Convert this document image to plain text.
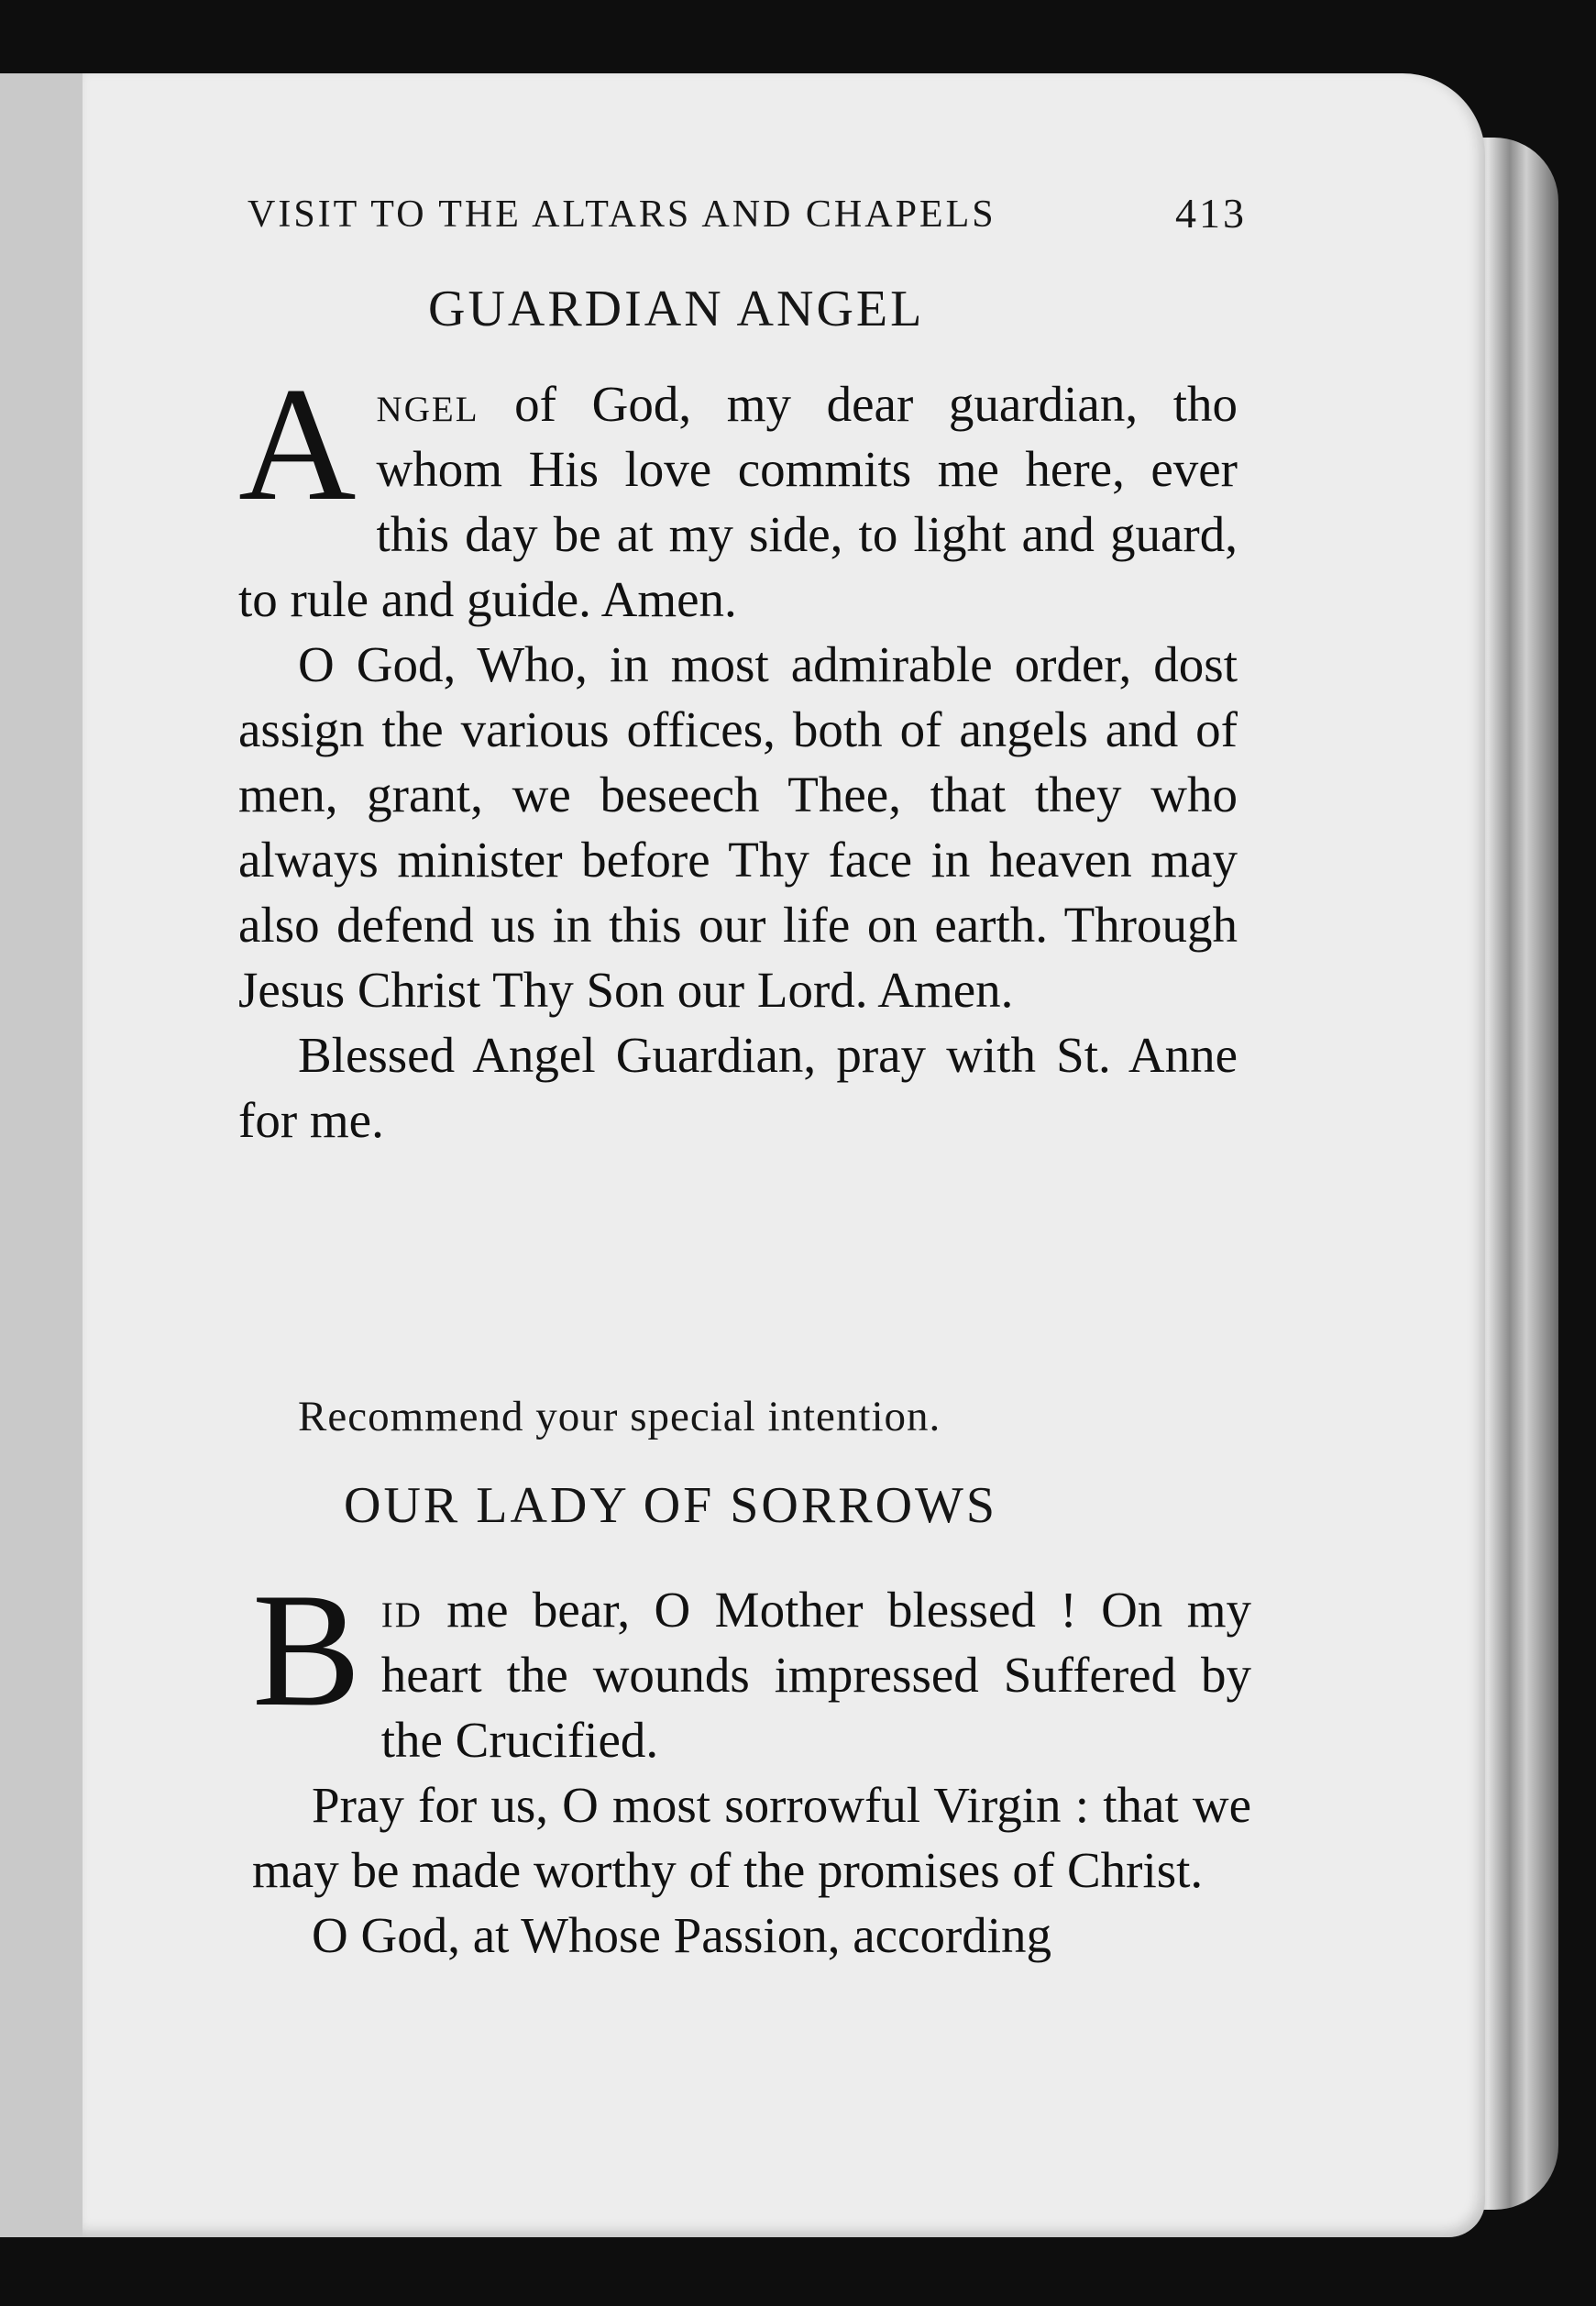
VISIT TO THE ALTARS AND CHAPELS	413
GUARDIAN ANGEL

Angel of God, my dear guardian, tho whom His love commits me here, ever this day be at my side, to light and guard, to rule and guide. Amen.

O God, Who, in most admirable order, dost assign the various offices, both of angels and of men, grant, we beseech Thee, that they who always minister before Thy face in heaven may also defend us in this our life on earth. Through Jesus Christ Thy Son our Lord. Amen.

Blessed Angel Guardian, pray with St. Anne for me.

Recommend your special intention.
OUR LADY OF SORROWS

Bid me bear, O Mother blessed ! On my heart the wounds impressed Suffered by the Crucified.

Pray for us, O most sorrowful Virgin : that we may be made worthy of the promises of Christ.

O God, at Whose Passion, according
